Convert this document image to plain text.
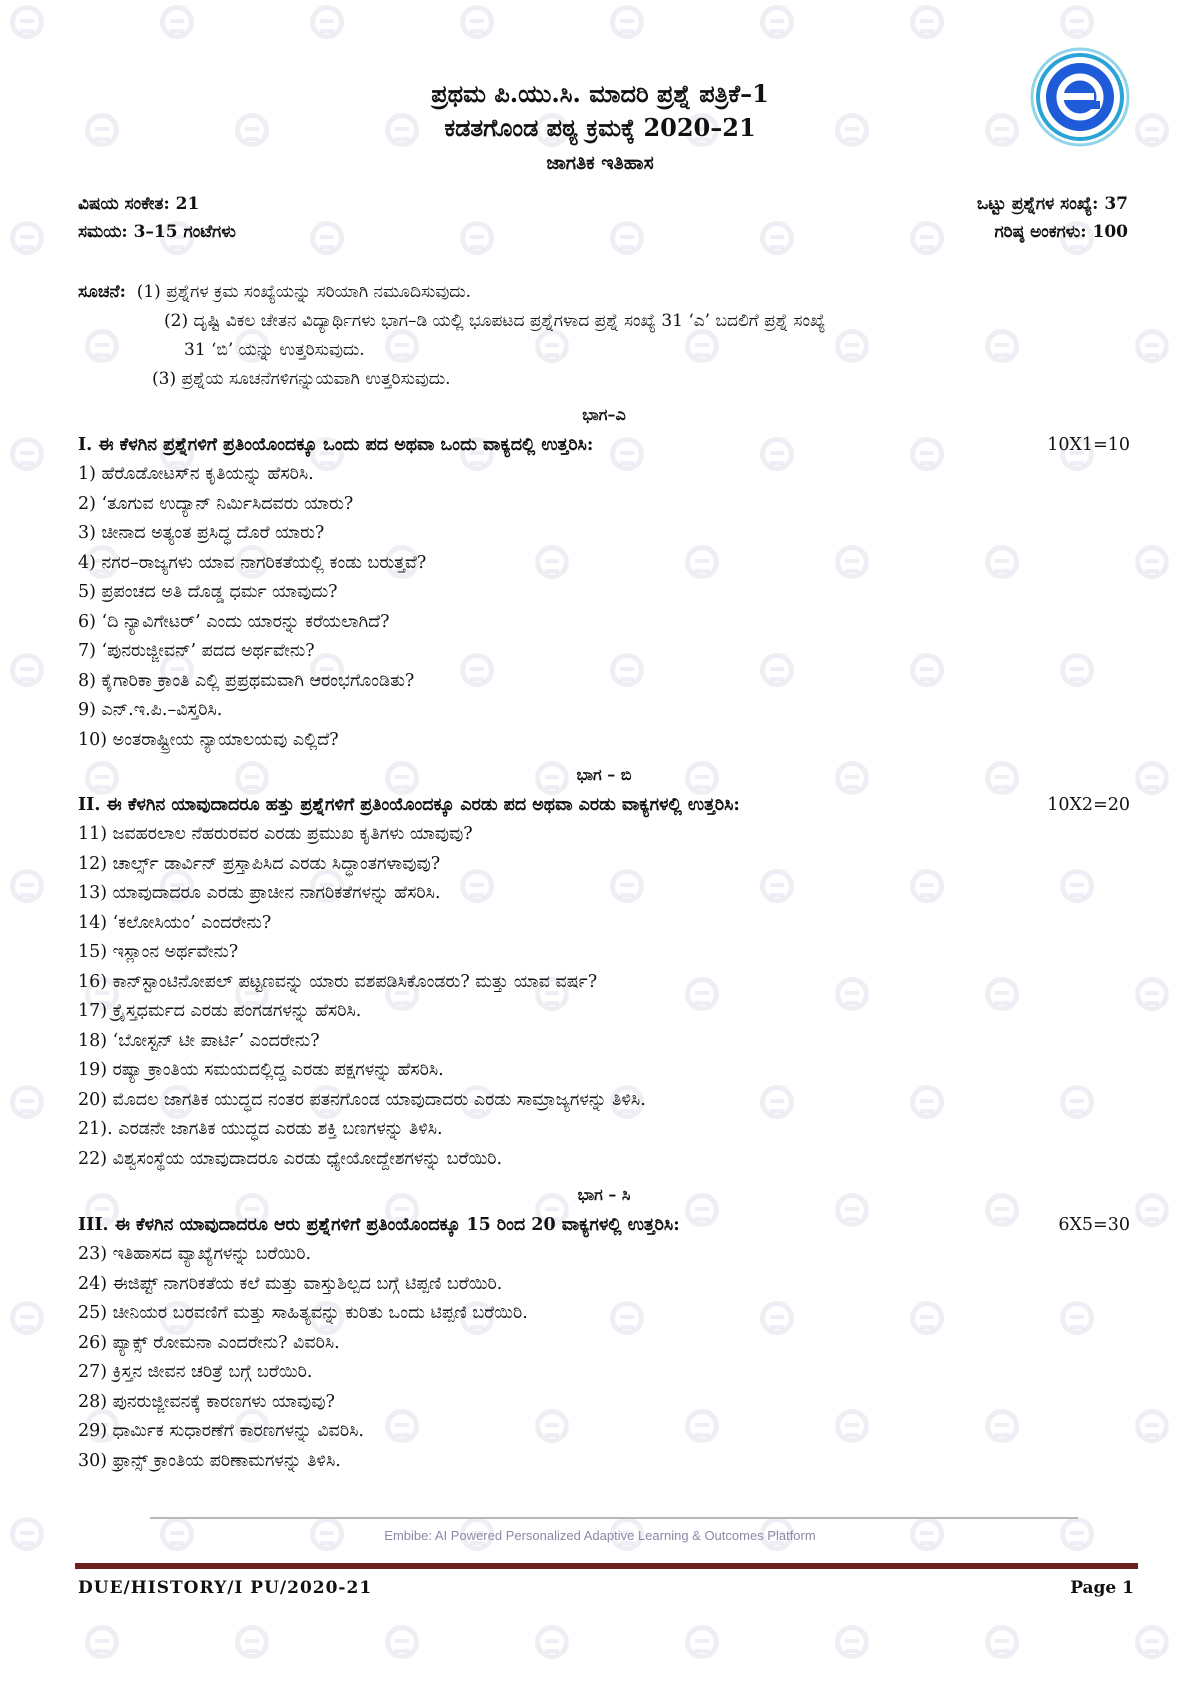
ಪ್ರಥಮ ಪಿ.ಯು.ಸಿ. ಮಾದರಿ ಪ್ರಶ್ನೆ ಪತ್ರಿಕೆ–1
ಕಡತಗೊಂಡ ಪಠ್ಯ ಕ್ರಮಕ್ಕೆ 2020–21
ಜಾಗತಿಕ ಇತಿಹಾಸ
ವಿಷಯ ಸಂಕೇತ: 21
ಸಮಯ: 3–15 ಗಂಟೆಗಳು
ಒಟ್ಟು ಪ್ರಶ್ನೆಗಳ ಸಂಖ್ಯೆ: 37
ಗರಿಷ್ಠ ಅಂಕಗಳು: 100
ಸೂಚನೆ: (1) ಪ್ರಶ್ನೆಗಳ ಕ್ರಮ ಸಂಖ್ಯೆಯನ್ನು ಸರಿಯಾಗಿ ನಮೂದಿಸುವುದು.
(2) ದೃಷ್ಟಿ ವಿಕಲ ಚೇತನ ವಿದ್ಯಾರ್ಥಿಗಳು ಭಾಗ–ಡಿ ಯಲ್ಲಿ ಭೂಪಟದ ಪ್ರಶ್ನೆಗಳಾದ ಪ್ರಶ್ನೆ ಸಂಖ್ಯೆ 31 ‘ಎ’ ಬದಲಿಗೆ ಪ್ರಶ್ನೆ ಸಂಖ್ಯೆ
31 ‘ಬಿ’ ಯನ್ನು ಉತ್ತರಿಸುವುದು.
(3) ಪ್ರಶ್ನೆಯ ಸೂಚನೆಗಳಿಗನ್ನುಯವಾಗಿ ಉತ್ತರಿಸುವುದು.
ಭಾಗ–ಎ
I. ಈ ಕೆಳಗಿನ ಪ್ರಶ್ನೆಗಳಿಗೆ ಪ್ರತಿಂಯೊಂದಕ್ಕೂ ಒಂದು ಪದ ಅಥವಾ ಒಂದು ವಾಕ್ಯದಲ್ಲಿ ಉತ್ತರಿಸಿ:	10X1=10
1) ಹೆರೊಡೋಟಸ್‌ನ ಕೃತಿಯನ್ನು ಹೆಸರಿಸಿ.
2) ‘ತೂಗುವ ಉದ್ಯಾನ್ ನಿರ್ಮಿಸಿದವರು ಯಾರು?
3) ಚೀನಾದ ಅತ್ಯಂತ ಪ್ರಸಿದ್ಧ ದೊರೆ ಯಾರು?
4) ನಗರ–ರಾಜ್ಯಗಳು ಯಾವ ನಾಗರಿಕತೆಯಲ್ಲಿ ಕಂಡು ಬರುತ್ತವೆ?
5) ಪ್ರಪಂಚದ ಅತಿ ದೊಡ್ಡ ಧರ್ಮ ಯಾವುದು?
6) ‘ದಿ ನ್ಯಾವಿಗೇಟರ್’ ಎಂದು ಯಾರನ್ನು ಕರೆಯಲಾಗಿದೆ?
7) ‘ಪುನರುಜ್ಜೀವನ್’ ಪದದ ಅರ್ಥವೇನು?
8) ಕೈಗಾರಿಕಾ ಕ್ರಾಂತಿ ಎಲ್ಲಿ ಪ್ರಪ್ರಥಮವಾಗಿ ಆರಂಭಗೊಂಡಿತು?
9) ಎನ್.ಇ.ಪಿ.–ವಿಸ್ತರಿಸಿ.
10) ಅಂತರಾಷ್ಟ್ರೀಯ ನ್ಯಾಯಾಲಯವು ಎಲ್ಲಿದೆ?
ಭಾಗ – ಬಿ
II. ಈ ಕೆಳಗಿನ ಯಾವುದಾದರೂ ಹತ್ತು ಪ್ರಶ್ನೆಗಳಿಗೆ ಪ್ರತಿಂಯೊಂದಕ್ಕೂ ಎರಡು ಪದ ಅಥವಾ ಎರಡು ವಾಕ್ಯಗಳಲ್ಲಿ ಉತ್ತರಿಸಿ:	10X2=20
11) ಜವಹರಲಾಲ ನೆಹರುರವರ ಎರಡು ಪ್ರಮುಖ ಕೃತಿಗಳು ಯಾವುವು?
12) ಚಾರ್ಲ್ಸ್ ಡಾರ್ವಿನ್ ಪ್ರಸ್ತಾಪಿಸಿದ ಎರಡು ಸಿದ್ಧಾಂತಗಳಾವುವು?
13) ಯಾವುದಾದರೂ ಎರಡು ಪ್ರಾಚೀನ ನಾಗರಿಕತೆಗಳನ್ನು ಹೆಸರಿಸಿ.
14) ‘ಕಲೋಸಿಯಂ’ ಎಂದರೇನು?
15) ಇಸ್ಲಾಂನ ಅರ್ಥವೇನು?
16) ಕಾನ್‌ಸ್ಟಾಂಟಿನೋಪಲ್ ಪಟ್ಟಣವನ್ನು ಯಾರು ವಶಪಡಿಸಿಕೊಂಡರು? ಮತ್ತು ಯಾವ ವರ್ಷ?
17) ಕ್ರೈಸ್ತಧರ್ಮದ ಎರಡು ಪಂಗಡಗಳನ್ನು ಹೆಸರಿಸಿ.
18) ‘ಬೋಸ್ಟನ್ ಟೀ ಪಾರ್ಟಿ’ ಎಂದರೇನು?
19) ರಷ್ಯಾ ಕ್ರಾಂತಿಯ ಸಮಯದಲ್ಲಿದ್ದ ಎರಡು ಪಕ್ಷಗಳನ್ನು ಹೆಸರಿಸಿ.
20) ಮೊದಲ ಜಾಗತಿಕ ಯುದ್ಧದ ನಂತರ ಪತನಗೊಂಡ ಯಾವುದಾದರು ಎರಡು ಸಾಮ್ರಾಜ್ಯಗಳನ್ನು ತಿಳಿಸಿ.
21). ಎರಡನೇ ಜಾಗತಿಕ ಯುದ್ಧದ ಎರಡು ಶಕ್ತಿ ಬಣಗಳನ್ನು ತಿಳಿಸಿ.
22) ವಿಶ್ವಸಂಸ್ಥೆಯ ಯಾವುದಾದರೂ ಎರಡು ಧ್ಯೇಯೋದ್ದೇಶಗಳನ್ನು ಬರೆಯಿರಿ.
ಭಾಗ – ಸಿ
III. ಈ ಕೆಳಗಿನ ಯಾವುದಾದರೂ ಆರು ಪ್ರಶ್ನೆಗಳಿಗೆ ಪ್ರತಿಂಯೊಂದಕ್ಕೂ 15 ರಿಂದ 20 ವಾಕ್ಯಗಳಲ್ಲಿ ಉತ್ತರಿಸಿ:	6X5=30
23) ಇತಿಹಾಸದ ವ್ಯಾಖ್ಯೆಗಳನ್ನು ಬರೆಯಿರಿ.
24) ಈಜಿಪ್ಟ್ ನಾಗರಿಕತೆಯ ಕಲೆ ಮತ್ತು ವಾಸ್ತುಶಿಲ್ಪದ ಬಗ್ಗೆ ಟಿಪ್ಪಣಿ ಬರೆಯಿರಿ.
25) ಚೀನಿಯರ ಬರವಣಿಗೆ ಮತ್ತು ಸಾಹಿತ್ಯವನ್ನು ಕುರಿತು ಒಂದು ಟಿಪ್ಪಣಿ ಬರೆಯಿರಿ.
26) ಪ್ಯಾಕ್ಸ್ ರೋಮನಾ ಎಂದರೇನು? ವಿವರಿಸಿ.
27) ಕ್ರಿಸ್ತನ ಜೀವನ ಚರಿತ್ರೆ ಬಗ್ಗೆ ಬರೆಯಿರಿ.
28) ಪುನರುಜ್ಜೀವನಕ್ಕೆ ಕಾರಣಗಳು ಯಾವುವು?
29) ಧಾರ್ಮಿಕ ಸುಧಾರಣೆಗೆ ಕಾರಣಗಳನ್ನು ವಿವರಿಸಿ.
30) ಫ್ರಾನ್ಸ್ ಕ್ರಾಂತಿಯ ಪರಿಣಾಮಗಳನ್ನು ತಿಳಿಸಿ.
Embibe: AI Powered Personalized Adaptive Learning & Outcomes Platform
DUE/HISTORY/I PU/2020-21	Page 1
